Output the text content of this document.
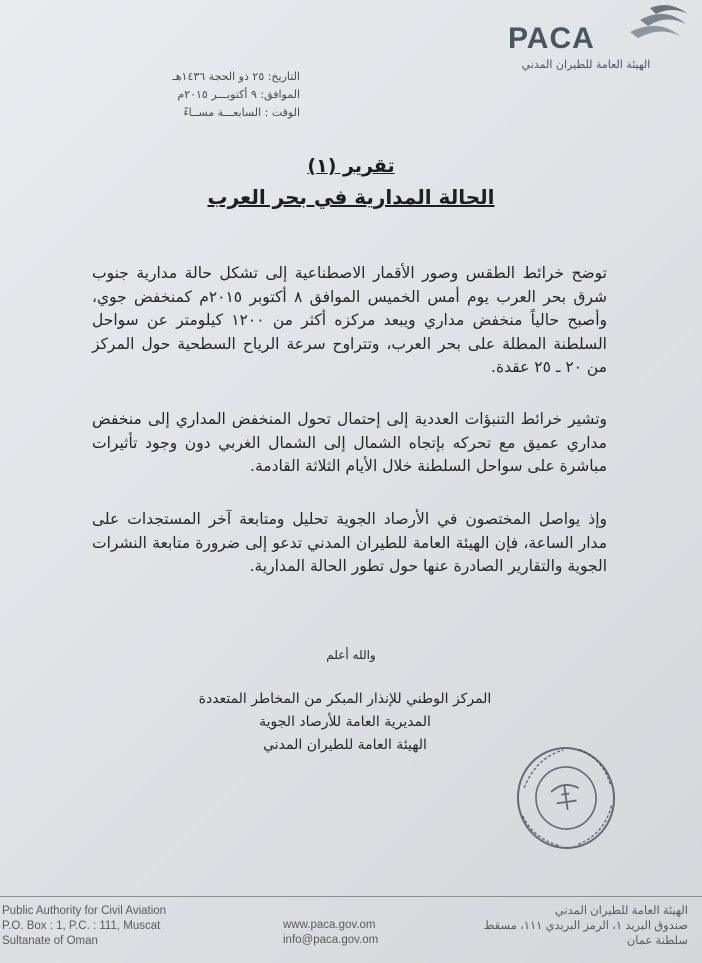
PACA
الهيئة العامة للطيران المدني
التاريخ: ٢٥ ذو الحجة ١٤٣٦هـ
الموافق: ٩ أكتوبـــر ٢٠١٥م
الوقت : السابعـــة مســاءً
تقرير (١)
الحالة المدارية في بحر العرب
توضح خرائط الطقس وصور الأقمار الاصطناعية إلى تشكل حالة مدارية جنوب شرق بحر العرب يوم أمس الخميس الموافق ٨ أكتوبر ٢٠١٥م كمنخفض جوي، وأصبح حالياً منخفض مداري ويبعد مركزه أكثر من ١٢٠٠ كيلومتر عن سواحل السلطنة المطلة على بحر العرب، وتتراوح سرعة الرياح السطحية حول المركز من ٢٠ ـ ٢٥ عقدة.
وتشير خرائط التنبؤات العددية إلى إحتمال تحول المنخفض المداري إلى منخفض مداري عميق مع تحركه بإتجاه الشمال إلى الشمال الغربي دون وجود تأثيرات مباشرة على سواحل السلطنة خلال الأيام الثلاثة القادمة.
وإذ يواصل المختصون في الأرصاد الجوية تحليل ومتابعة آخر المستجدات على مدار الساعة، فإن الهيئة العامة للطيران المدني تدعو إلى ضرورة متابعة النشرات الجوية والتقارير الصادرة عنها حول تطور الحالة المدارية.
والله أعلم
المركز الوطني للإنذار المبكر من المخاطر المتعددة
المديرية العامة للأرصاد الجوية
الهيئة العامة للطيران المدني
Public Authority for Civil Aviation
P.O. Box : 1, P.C. : 111, Muscat
Sultanate of Oman
www.paca.gov.om
info@paca.gov.om
الهيئة العامة للطيران المدني
صندوق البريد ١، الرمز البريدي ١١١، مسقط
سلطنة عمان
